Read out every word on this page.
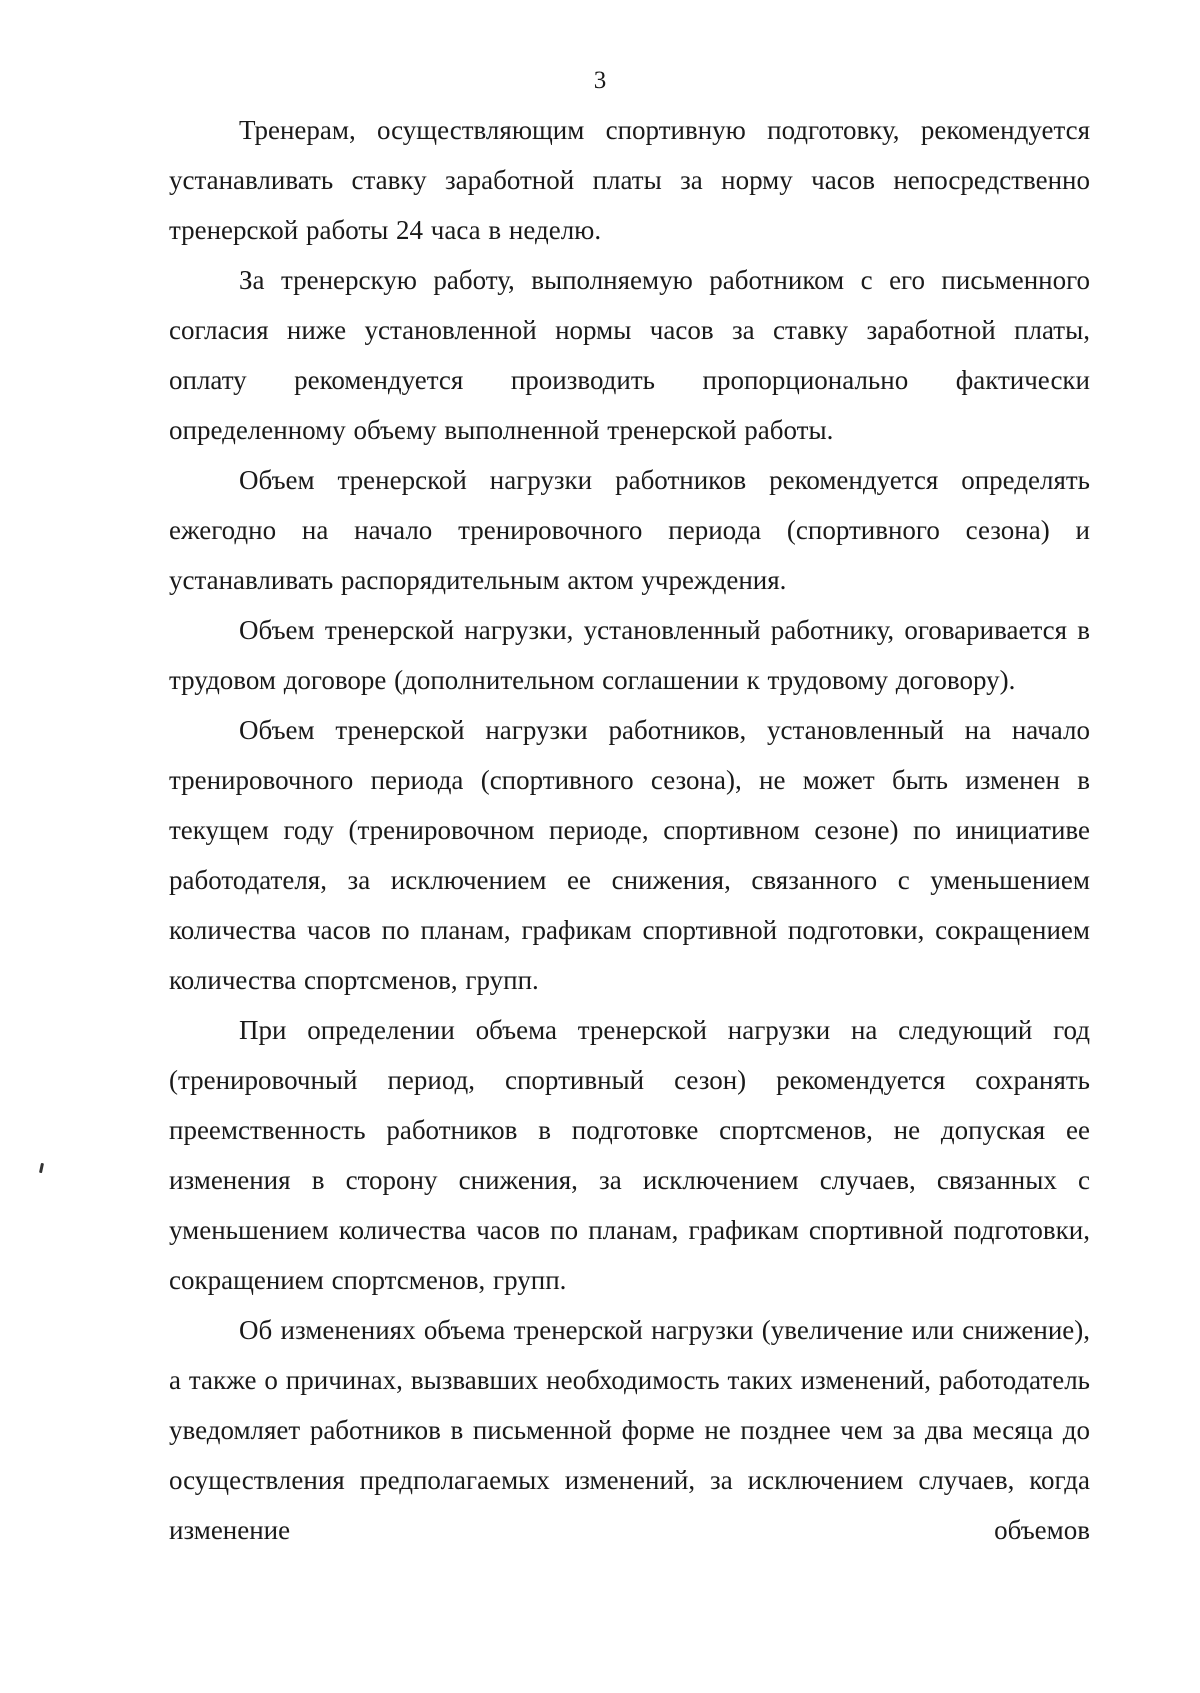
3

Тренерам, осуществляющим спортивную подготовку, рекомендуется устанавливать ставку заработной платы за норму часов непосредственно тренерской работы 24 часа в неделю.

За тренерскую работу, выполняемую работником с его письменного согласия ниже установленной нормы часов за ставку заработной платы, оплату рекомендуется производить пропорционально фактически определенному объему выполненной тренерской работы.

Объем тренерской нагрузки работников рекомендуется определять ежегодно на начало тренировочного периода (спортивного сезона) и устанавливать распорядительным актом учреждения.

Объем тренерской нагрузки, установленный работнику, оговаривается в трудовом договоре (дополнительном соглашении к трудовому договору).

Объем тренерской нагрузки работников, установленный на начало тренировочного периода (спортивного сезона), не может быть изменен в текущем году (тренировочном периоде, спортивном сезоне) по инициативе работодателя, за исключением ее снижения, связанного с уменьшением количества часов по планам, графикам спортивной подготовки, сокращением количества спортсменов, групп.

При определении объема тренерской нагрузки на следующий год (тренировочный период, спортивный сезон) рекомендуется сохранять преемственность работников в подготовке спортсменов, не допуская ее изменения в сторону снижения, за исключением случаев, связанных с уменьшением количества часов по планам, графикам спортивной подготовки, сокращением спортсменов, групп.

Об изменениях объема тренерской нагрузки (увеличение или снижение), а также о причинах, вызвавших необходимость таких изменений, работодатель уведомляет работников в письменной форме не позднее чем за два месяца до осуществления предполагаемых изменений, за исключением случаев, когда изменение объемов
